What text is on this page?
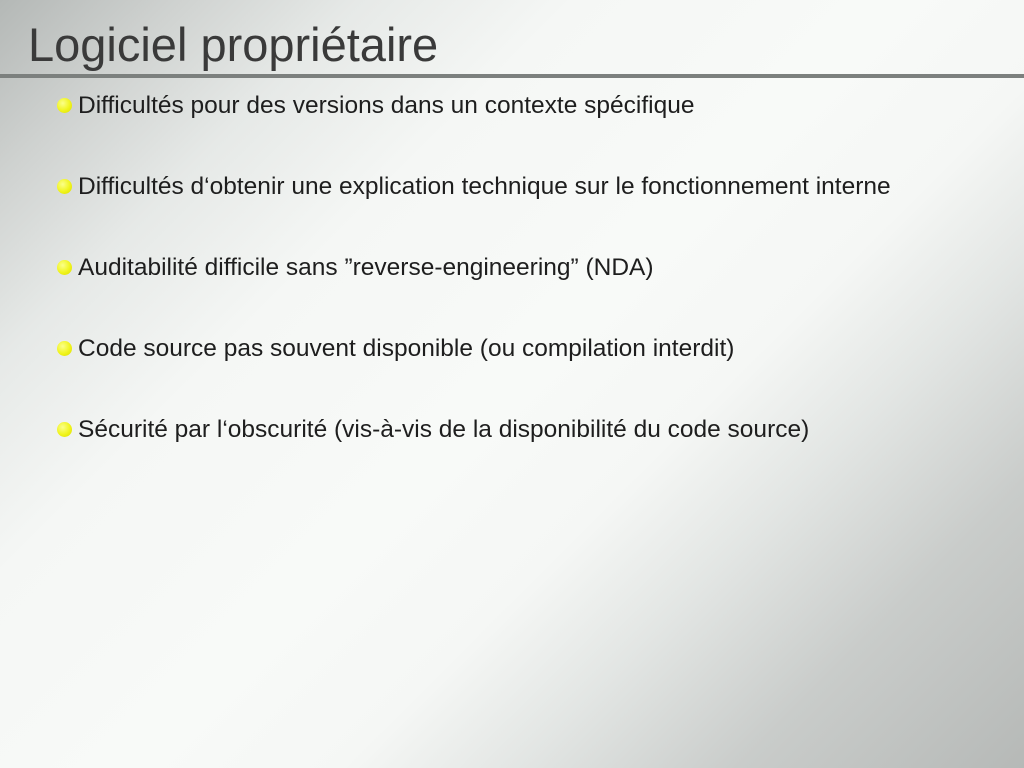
Logiciel propriétaire
Difficultés pour des versions dans un contexte spécifique
Difficultés d‘obtenir une explication technique sur le fonctionnement interne
Auditabilité difficile sans ”reverse-engineering” (NDA)
Code source pas souvent disponible (ou compilation interdit)
Sécurité par l‘obscurité (vis-à-vis de la disponibilité du code source)
